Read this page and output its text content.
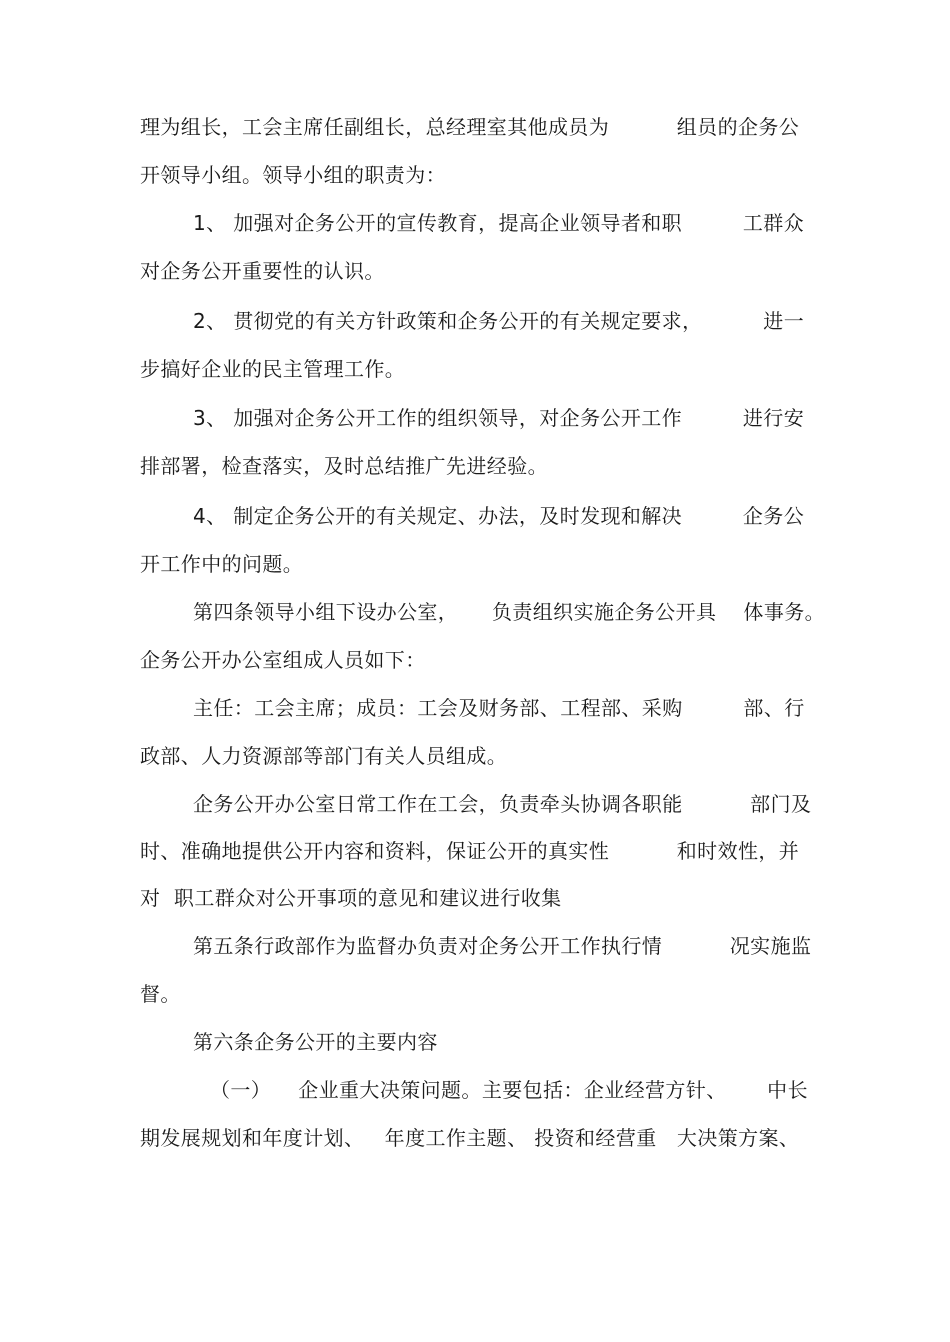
理为组长，工会主席任副组长，总经理室其他成员为          组员的企务公
开领导小组。领导小组的职责为：
1、 加强对企务公开的宣传教育，提高企业领导者和职         工群众
对企务公开重要性的认识。
2、 贯彻党的有关方针政策和企务公开的有关规定要求，         进一
步搞好企业的民主管理工作。
3、 加强对企务公开工作的组织领导，对企务公开工作         进行安
排部署，检查落实，及时总结推广先进经验。
4、 制定企务公开的有关规定、办法，及时发现和解决         企务公
开工作中的问题。
第四条领导小组下设办公室，     负责组织实施企务公开具    体事务。
企务公开办公室组成人员如下：
主任：工会主席；成员：工会及财务部、工程部、采购         部、行
政部、人力资源部等部门有关人员组成。
企务公开办公室日常工作在工会，负责牵头协调各职能          部门及
时、准确地提供公开内容和资料，保证公开的真实性          和时效性，并
对  职工群众对公开事项的意见和建议进行收集
第五条行政部作为监督办负责对企务公开工作执行情          况实施监
督。
第六条企务公开的主要内容
（一）    企业重大决策问题。主要包括：企业经营方针、      中长
期发展规划和年度计划、   年度工作主题、 投资和经营重   大决策方案、
